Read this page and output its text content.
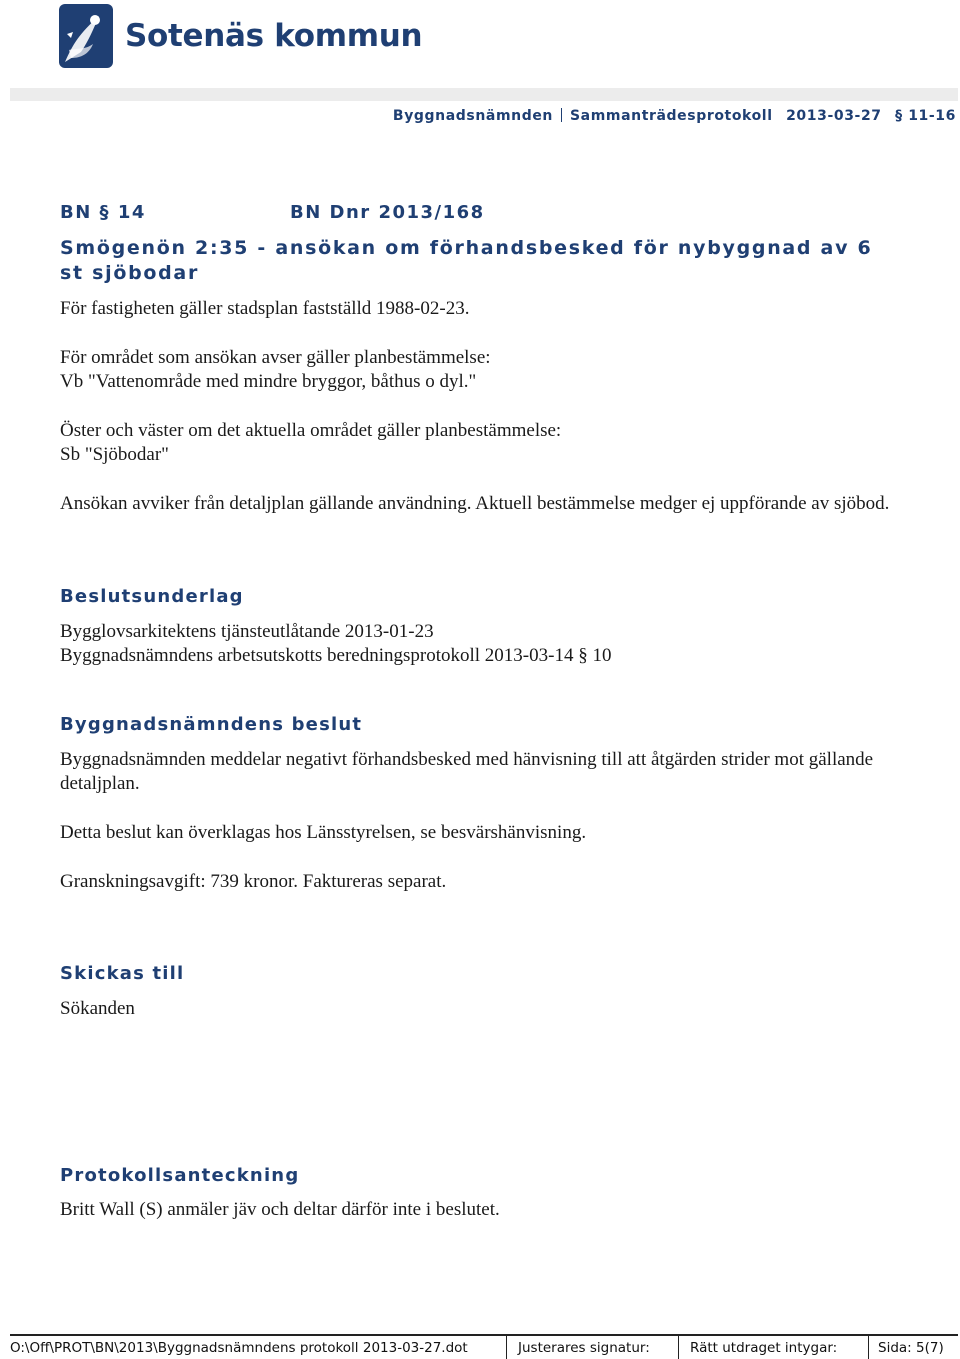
Sotenäs kommun
Byggnadsnämnden Sammanträdesprotokoll 2013-03-27 § 11-16
BN § 14	BN Dnr 2013/168
Smögenön 2:35 - ansökan om förhandsbesked för nybyggnad av 6 st sjöbodar
För fastigheten gäller stadsplan fastställd 1988-02-23.
För området som ansökan avser gäller planbestämmelse:
Vb "Vattenområde med mindre bryggor, båthus o dyl."
Öster och väster om det aktuella området gäller planbestämmelse:
Sb "Sjöbodar"
Ansökan avviker från detaljplan gällande användning. Aktuell bestämmelse medger ej uppförande av sjöbod.
Beslutsunderlag
Bygglovsarkitektens tjänsteutlåtande 2013-01-23
Byggnadsnämndens arbetsutskotts beredningsprotokoll 2013-03-14 § 10
Byggnadsnämndens beslut
Byggnadsnämnden meddelar negativt förhandsbesked med hänvisning till att åtgärden strider mot gällande detaljplan.
Detta beslut kan överklagas hos Länsstyrelsen, se besvärshänvisning.
Granskningsavgift: 739 kronor. Faktureras separat.
Skickas till
Sökanden
Protokollsanteckning
Britt Wall (S) anmäler jäv och deltar därför inte i beslutet.
O:\Off\PROT\BN\2013\Byggnadsnämndens protokoll 2013-03-27.dot	Justerares signatur:	Rätt utdraget intygar:	Sida: 5(7)
